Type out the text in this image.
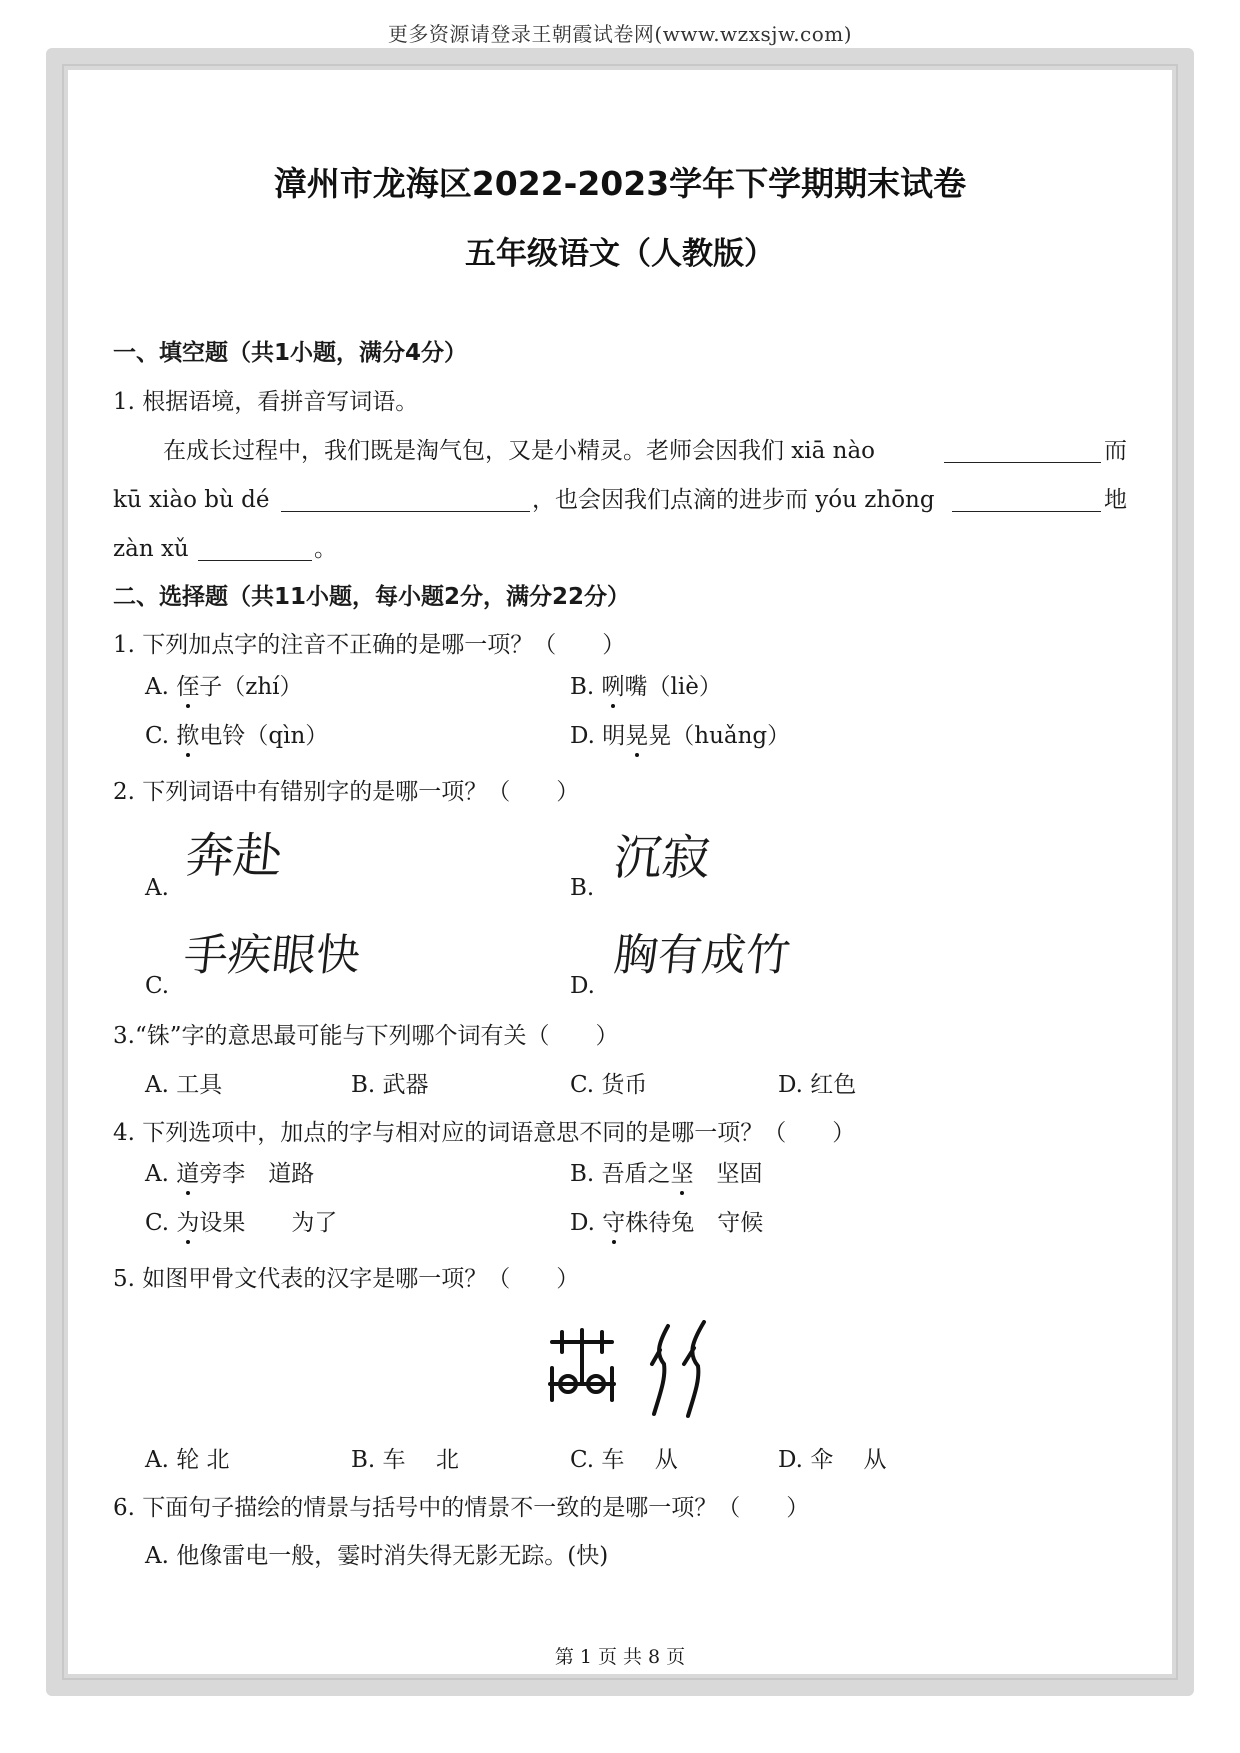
更多资源请登录王朝霞试卷网(www.wzxsjw.com)
漳州市龙海区2022-2023学年下学期期末试卷
五年级语文（人教版）
一、填空题（共1小题，满分4分）
1. 根据语境，看拼音写词语。
在成长过程中，我们既是淘气包，又是小精灵。老师会因我们 xiā nào	而
kū xiào bù dé	，也会因我们点滴的进步而 yóu zhōng	地
zàn xǔ	。
二、选择题（共11小题，每小题2分，满分22分）
1. 下列加点字的注音不正确的是哪一项？（　　）
A. 侄子（zhí）	B. 咧嘴（liè）
C. 揿电铃（qìn）	D. 明晃晃（huǎng）
2. 下列词语中有错别字的是哪一项？（　　）
A.
奔赴
B.
沉寂
C.
手疾眼快
D.
胸有成竹
3.“铢”字的意思最可能与下列哪个词有关（　　）
A. 工具	B. 武器	C. 货币	D. 红色
4. 下列选项中，加点的字与相对应的词语意思不同的是哪一项？（　　）
A. 道旁李　道路	B. 吾盾之坚　坚固
C. 为设果　　为了	D. 守株待兔　守候
5. 如图甲骨文代表的汉字是哪一项？（　　）
A. 轮 北	B. 车　 北	C. 车　 从	D. 伞　 从
6. 下面句子描绘的情景与括号中的情景不一致的是哪一项？（　　）
A. 他像雷电一般，霎时消失得无影无踪。(快)
第 1 页 共 8 页
